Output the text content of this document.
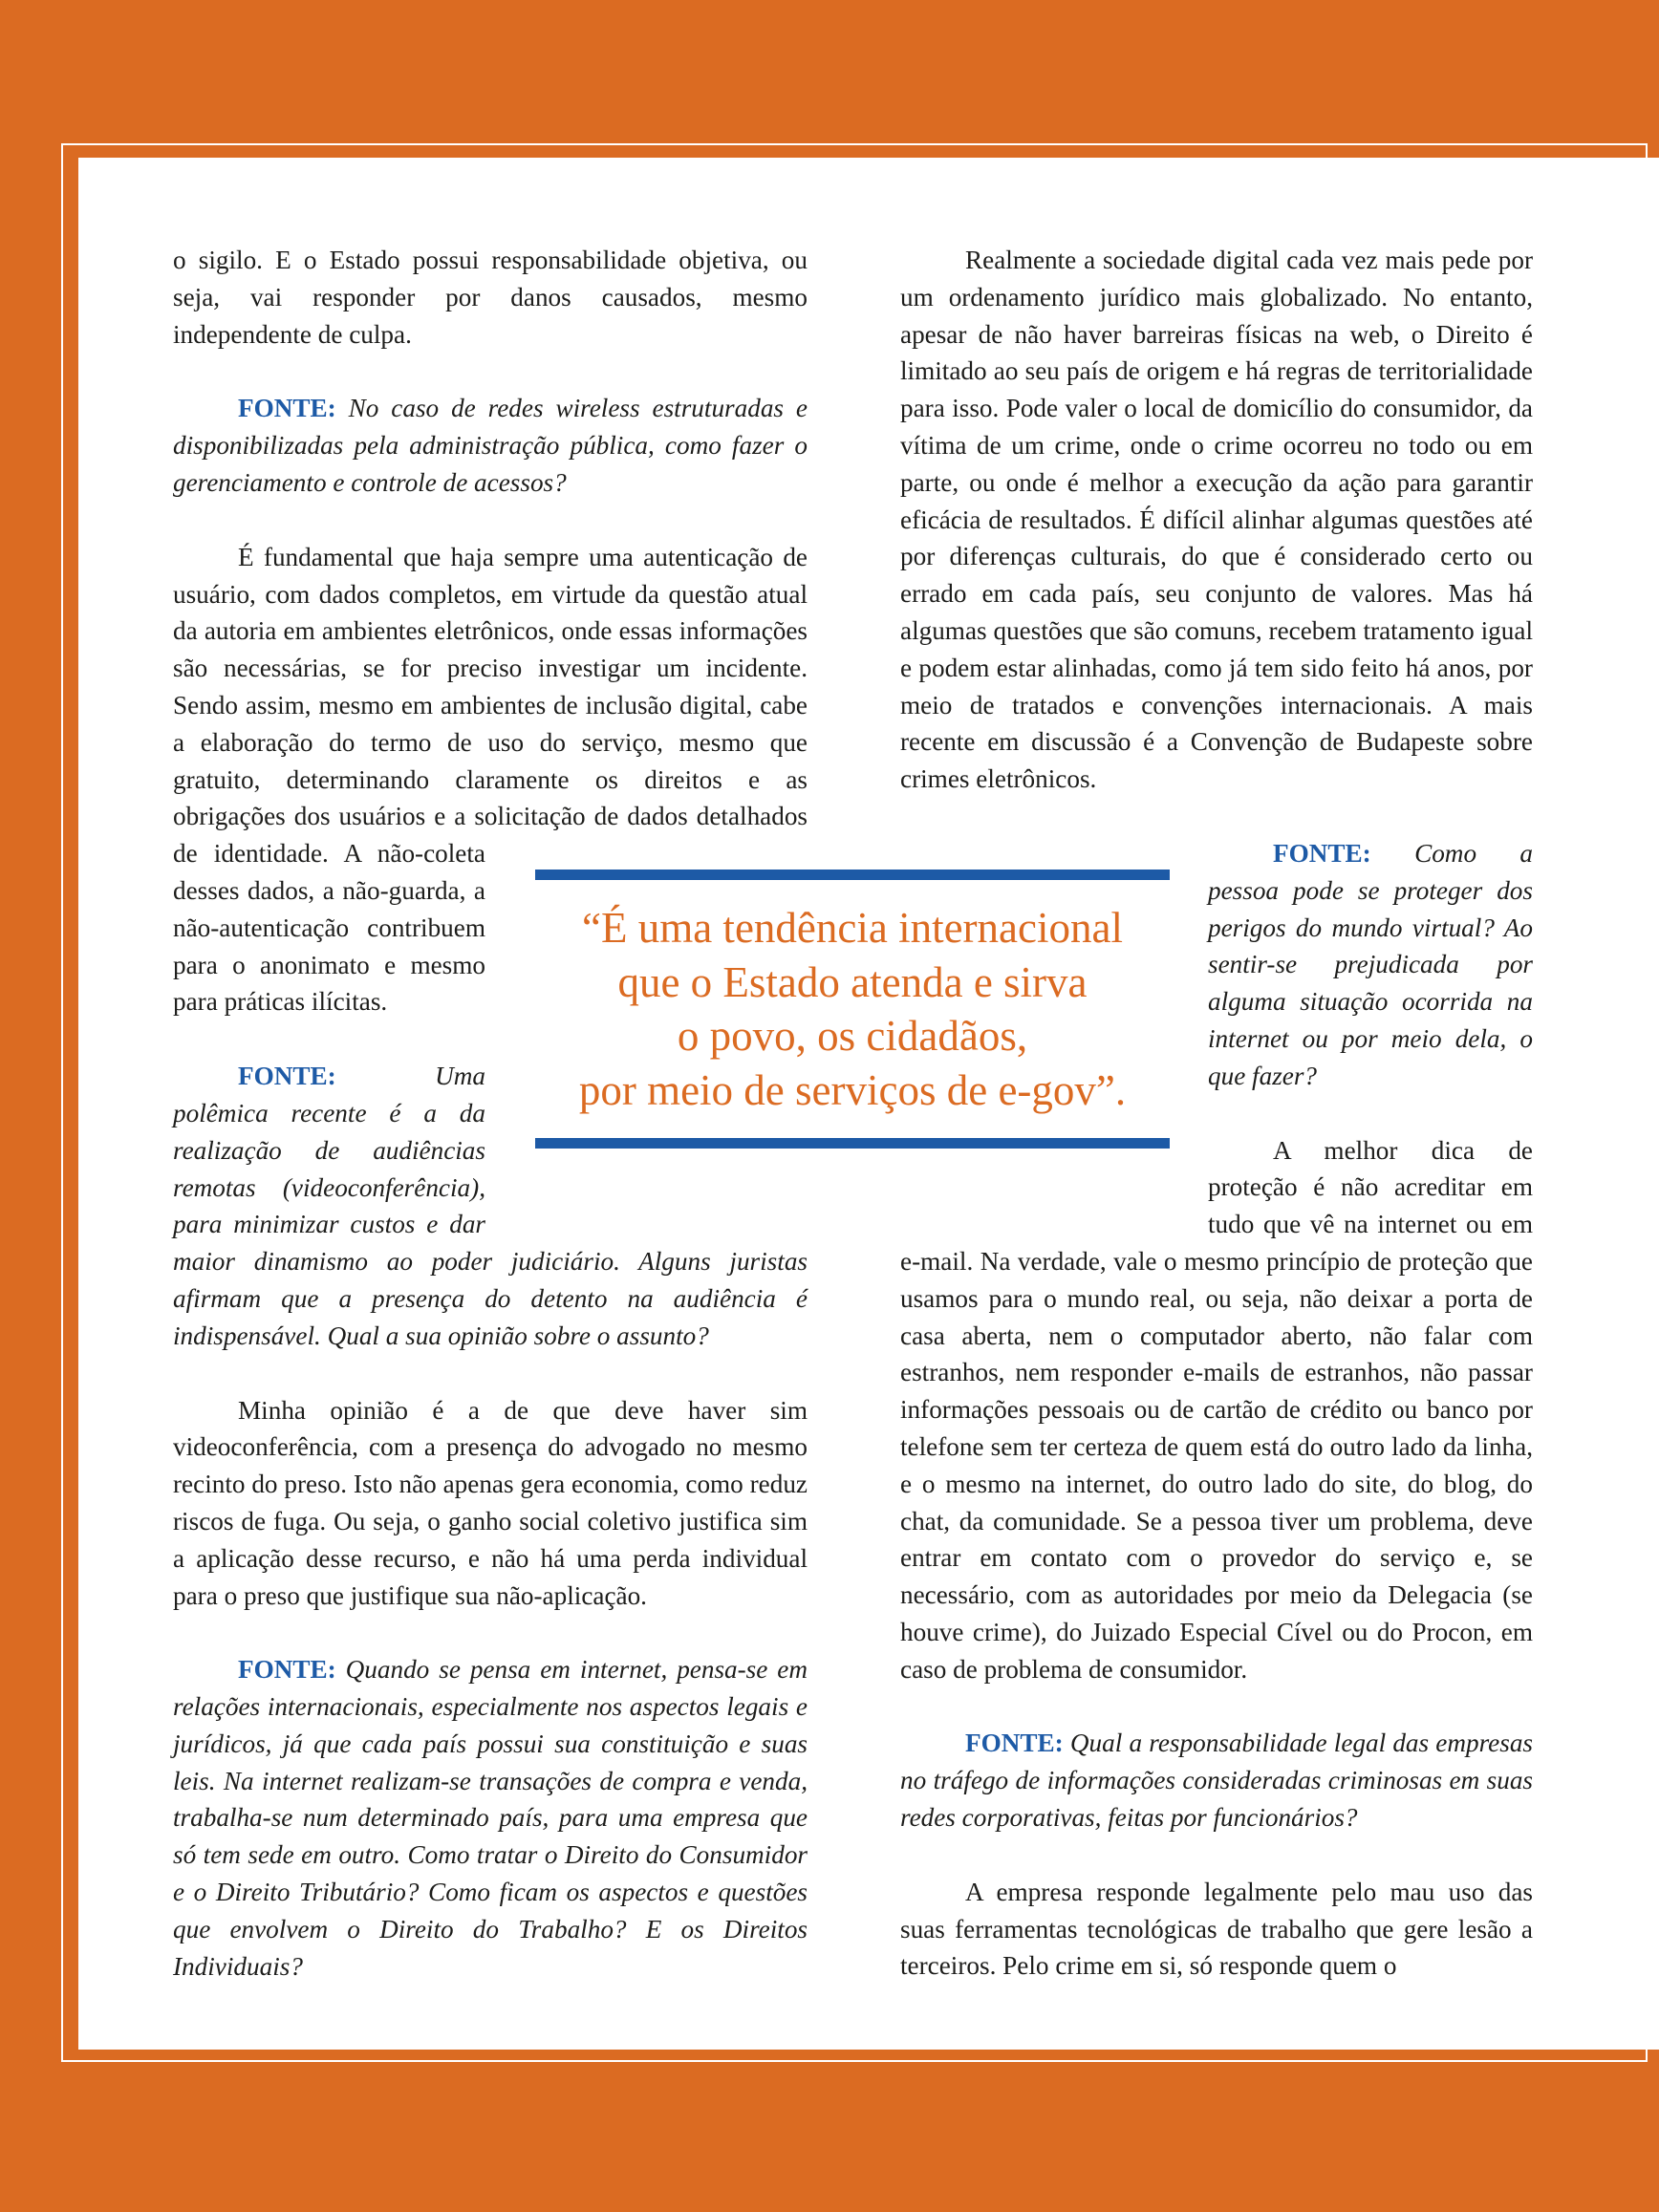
o sigilo. E o Estado possui responsabilidade objetiva, ou seja, vai responder por danos causados, mesmo independente de culpa.

FONTE: No caso de redes wireless estruturadas e disponibilizadas pela administração pública, como fazer o gerenciamento e controle de acessos?

É fundamental que haja sempre uma autenticação de usuário, com dados completos, em virtude da questão atual da autoria em ambientes eletrônicos, onde essas informações são necessárias, se for preciso investigar um incidente. Sendo assim, mesmo em ambientes de inclusão digital, cabe a elaboração do termo de uso do serviço, mesmo que gratuito, determinando claramente os direitos e as obrigações dos usuários e a solicitação de dados detalhados de identidade. A não-coleta desses dados, a não-guarda, a não-autenticação contribuem para o anonimato e mesmo para práticas ilícitas.

FONTE: Uma polêmica recente é a da realização de audiências remotas (videoconferência), para minimizar custos e dar maior dinamismo ao poder judiciário. Alguns juristas afirmam que a presença do detento na audiência é indispensável. Qual a sua opinião sobre o assunto?

Minha opinião é a de que deve haver sim videoconferência, com a presença do advogado no mesmo recinto do preso. Isto não apenas gera economia, como reduz riscos de fuga. Ou seja, o ganho social coletivo justifica sim a aplicação desse recurso, e não há uma perda individual para o preso que justifique sua não-aplicação.

FONTE: Quando se pensa em internet, pensa-se em relações internacionais, especialmente nos aspectos legais e jurídicos, já que cada país possui sua constituição e suas leis. Na internet realizam-se transações de compra e venda, trabalha-se num determinado país, para uma empresa que só tem sede em outro. Como tratar o Direito do Consumidor e o Direito Tributário? Como ficam os aspectos e questões que envolvem o Direito do Trabalho? E os Direitos Individuais?

Realmente a sociedade digital cada vez mais pede por um ordenamento jurídico mais globalizado. No entanto, apesar de não haver barreiras físicas na web, o Direito é limitado ao seu país de origem e há regras de territorialidade para isso. Pode valer o local de domicílio do consumidor, da vítima de um crime, onde o crime ocorreu no todo ou em parte, ou onde é melhor a execução da ação para garantir eficácia de resultados. É difícil alinhar algumas questões até por diferenças culturais, do que é considerado certo ou errado em cada país, seu conjunto de valores. Mas há algumas questões que são comuns, recebem tratamento igual e podem estar alinhadas, como já tem sido feito há anos, por meio de tratados e convenções internacionais. A mais recente em discussão é a Convenção de Budapeste sobre crimes eletrônicos.

FONTE: Como a pessoa pode se proteger dos perigos do mundo virtual? Ao sentir-se prejudicada por alguma situação ocorrida na internet ou por meio dela, o que fazer?

A melhor dica de proteção é não acreditar em tudo que vê na internet ou em e-mail. Na verdade, vale o mesmo princípio de proteção que usamos para o mundo real, ou seja, não deixar a porta de casa aberta, nem o computador aberto, não falar com estranhos, nem responder e-mails de estranhos, não passar informações pessoais ou de cartão de crédito ou banco por telefone sem ter certeza de quem está do outro lado da linha, e o mesmo na internet, do outro lado do site, do blog, do chat, da comunidade. Se a pessoa tiver um problema, deve entrar em contato com o provedor do serviço e, se necessário, com as autoridades por meio da Delegacia (se houve crime), do Juizado Especial Cível ou do Procon, em caso de problema de consumidor.

FONTE: Qual a responsabilidade legal das empresas no tráfego de informações consideradas criminosas em suas redes corporativas, feitas por funcionários?

A empresa responde legalmente pelo mau uso das suas ferramentas tecnológicas de trabalho que gere lesão a terceiros. Pelo crime em si, só responde quem o

“É uma tendência internacional
que o Estado atenda e sirva
o povo, os cidadãos,
por meio de serviços de e-gov”.
